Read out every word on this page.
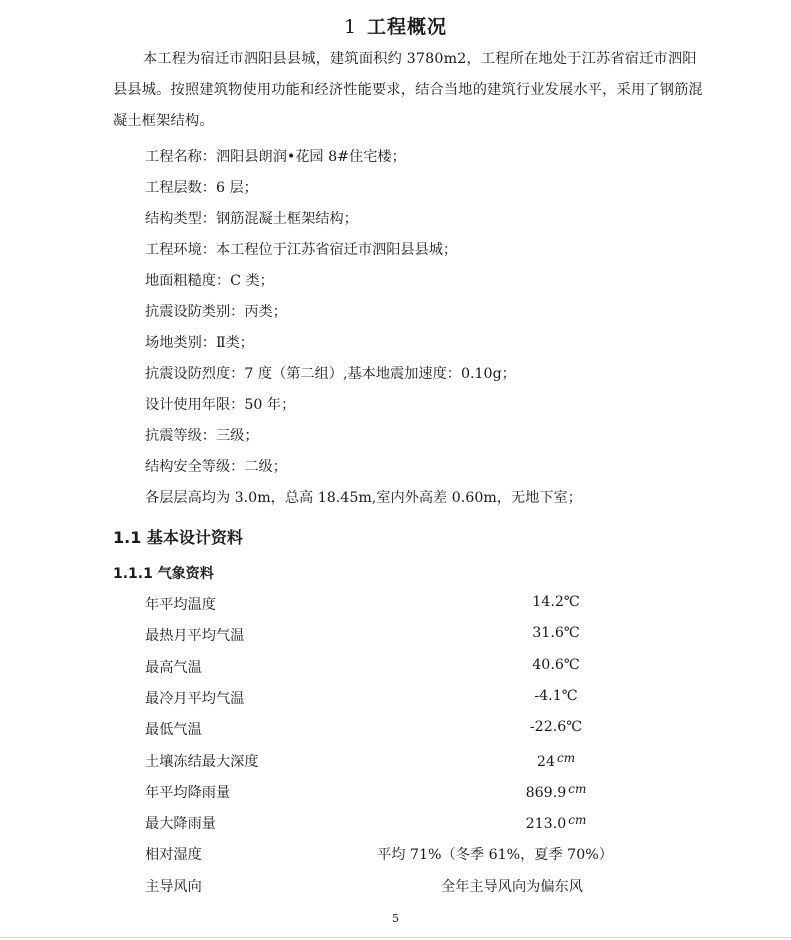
1 工程概况
本工程为宿迁市泗阳县县城，建筑面积约 3780m2，工程所在地处于江苏省宿迁市泗阳县县城。按照建筑物使用功能和经济性能要求，结合当地的建筑行业发展水平，采用了钢筋混凝土框架结构。
工程名称：泗阳县朗润•花园 8#住宅楼；
工程层数：6 层；
结构类型：钢筋混凝土框架结构；
工程环境：本工程位于江苏省宿迁市泗阳县县城；
地面粗糙度：C 类；
抗震设防类别：丙类；
场地类别：Ⅱ类；
抗震设防烈度：7 度（第二组）,基本地震加速度：0.10g；
设计使用年限：50 年；
抗震等级：三级；
结构安全等级：二级；
各层层高均为 3.0m，总高 18.45m,室内外高差 0.60m，无地下室；
1.1 基本设计资料
1.1.1 气象资料
年平均温度	14.2℃
最热月平均气温	31.6℃
最高气温	40.6℃
最冷月平均气温	-4.1℃
最低气温	-22.6℃
土壤冻结最大深度	24 $^{cm}$
年平均降雨量	869.9 $^{cm}$
最大降雨量	213.0 $^{cm}$
相对湿度	平均 71%（冬季 61%，夏季 70%）
主导风向	全年主导风向为偏东风
5
